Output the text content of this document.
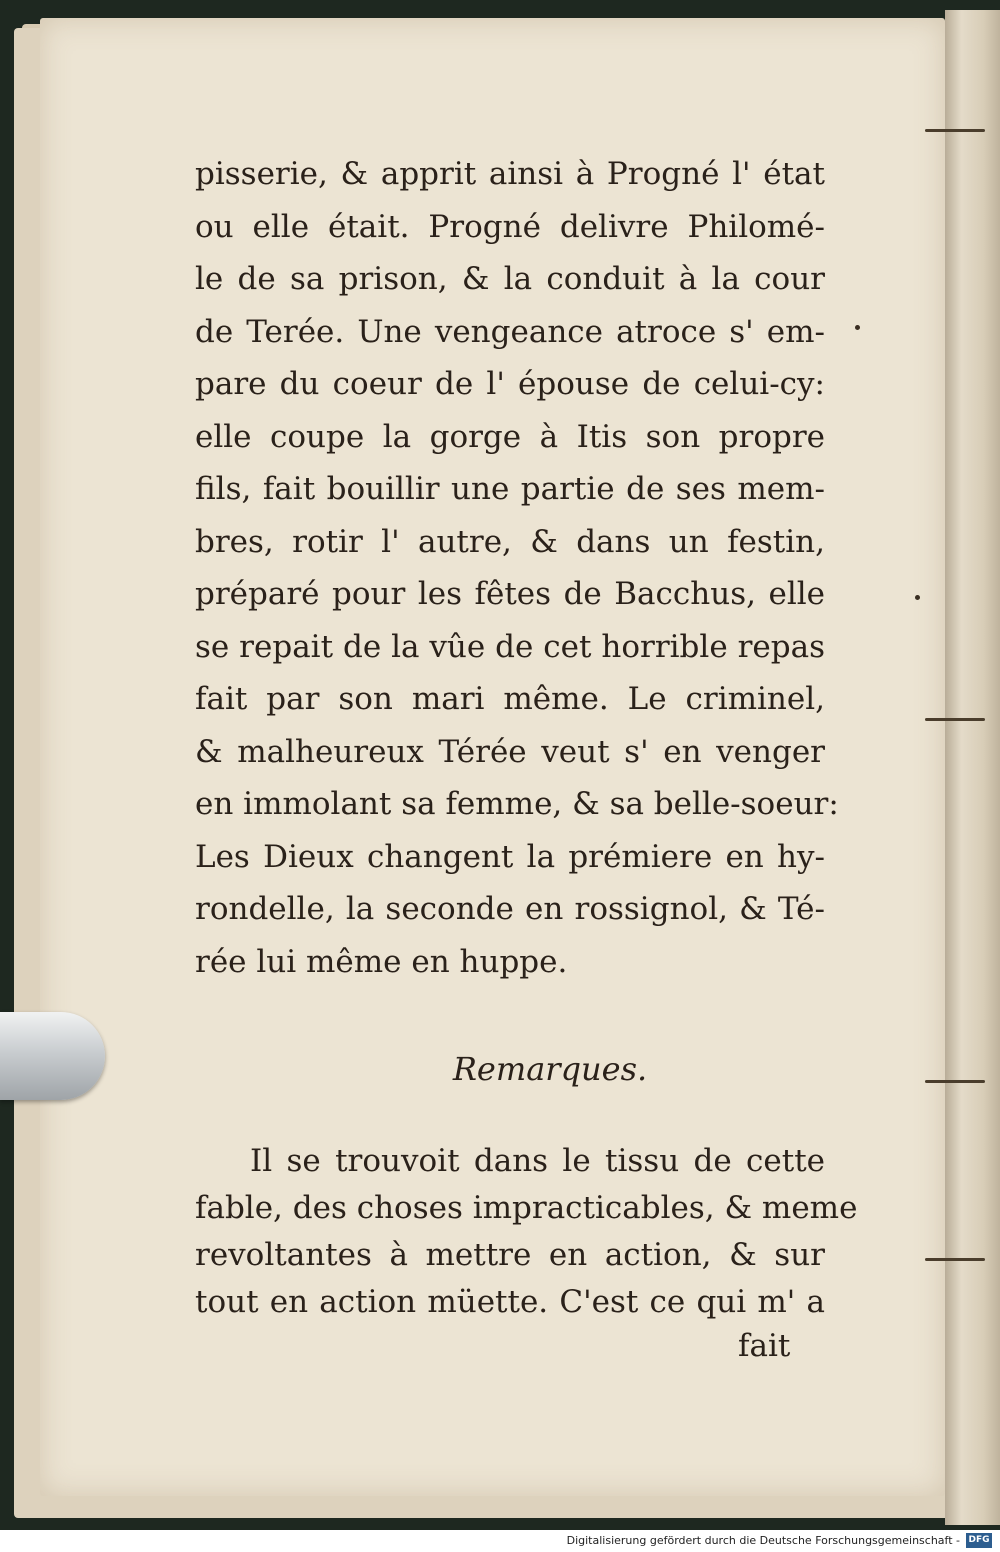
pisserie, & apprit ainsi à Progné l' état
ou elle était. Progné delivre Philomé-
le de sa prison, & la conduit à la cour
de Terée. Une vengeance atroce s' em-
pare du coeur de l' épouse de celui-cy:
elle coupe la gorge à Itis son propre
fils, fait bouillir une partie de ses mem-
bres, rotir l' autre, & dans un festin,
préparé pour les fêtes de Bacchus, elle
se repait de la vûe de cet horrible repas
fait par son mari même. Le criminel,
& malheureux Térée veut s' en venger
en immolant sa femme, & sa belle-soeur:
Les Dieux changent la prémiere en hy-
rondelle, la seconde en rossignol, & Té-
rée lui même en huppe.
Remarques.
Il se trouvoit dans le tissu de cette
fable, des choses impracticables, & meme
revoltantes à mettre en action, & sur
tout en action müette. C'est ce qui m' a
fait
Digitalisierung gefördert durch die Deutsche Forschungsgemeinschaft - DFG
